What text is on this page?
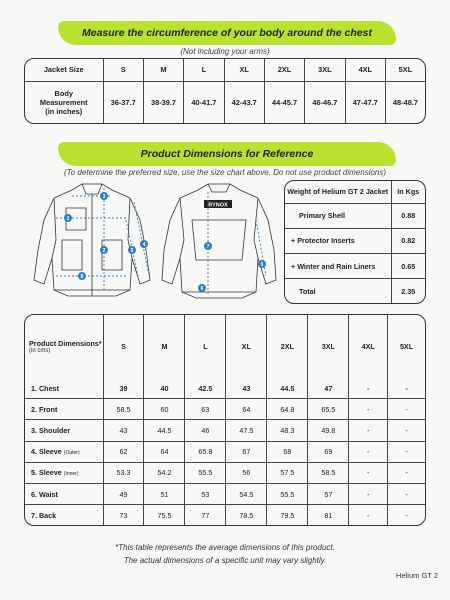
Measure the circumference of your body around the chest
(Not including your arms)
Jacket Size	S	M	L	XL	2XL	3XL	4XL	5XL
Body
Measurement
(in inches)	36-37.7	38-39.7	40-41.7	42-43.7	44-45.7	46-46.7	47-47.7	48-48.7
Product Dimensions for Reference
(To determine the preferred size, use the size chart above. Do not use product dimensions)
1
2
3
4
5
6
RYNOX
7
5
6
Weight of Helium GT 2 Jacket	In Kgs
Primary Shell	0.88
+ Protector Inserts	0.82
+ Winter and Rain Liners	0.65
Total	2.35
Product Dimensions*
(in cms)	S	M	L	XL	2XL	3XL	4XL	5XL
1. Chest	39	40	42.5	43	44.5	47	-	-
2. Front	58.5	60	63	64	64.8	65.5	-	-
3. Shoulder	43	44.5	46	47.5	48.3	49.8	-	-
4. Sleeve (Outer)	62	64	65.8	67	68	69	-	-
5. Sleeve (Inner)	53.3	54.2	55.5	56	57.5	58.5	-	-
6. Waist	49	51	53	54.5	55.5	57	-	-
7. Back	73	75.5	77	78.5	79.5	81	-	-
*This table represents the average dimensions of this product.
The actual dimensions of a specific unit may vary slightly.
Helium GT 2
